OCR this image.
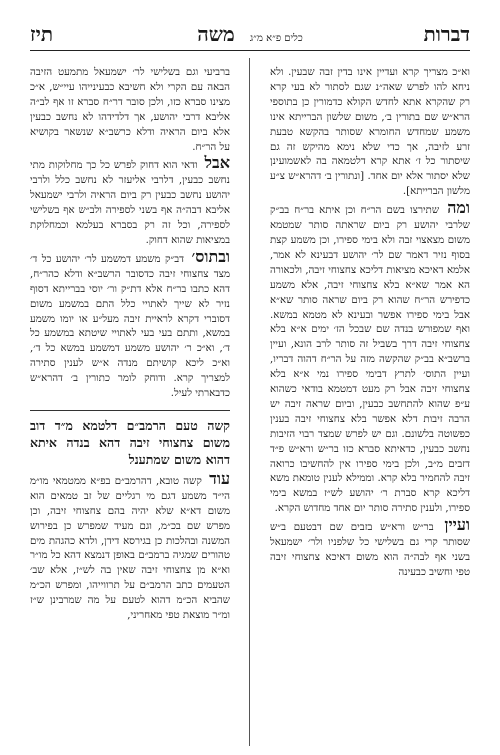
דברות
כלים פ״א מ״ג משה
תיז

וא״כ מצריך קרא ועדיין אינו בדין זבה שבעין. ולא ניחא להו לפרש שאה״נ שגם לסתור לא בעי קרא רק שהקרא אתא לחדש הקולא כדמורין כן בתוספי הרא״ש שם בתורין ב׳, משום שלשון הברייתא אינו משמע שמחדש החומרא שסותר בהקשא טבעת זרע לזיבה, אך כדי שלא נימא מהיקש זה גם שיסתור כל ז׳ אתא קרא דלטמאה בה לאשמועינן שלא יסתור אלא יום אחד. [ונתורין ב׳ דהרא״ש צ״ע מלשון הברייתא].

ומה שתירצו בשם הר״ח וכן איתא בר״ח בב״ק שלרבי יהושע רק ביום שראתה סותר שמטמא משום מצאצוי זבה ולא בימי ספירו, וכן משמע קצת בסוף נזיר דאמר שם לר׳ יהושע דבעינא לא אמר, אלמא דאיכא מציאות דליכא צחצוחי זיבה, ולכאורה הא אמר שא״א בלא צחצוחי זיבה, אלא משמע כדפירש הר״ח שהוא רק ביום שראה סותר שא״א אבל בימי ספירו אפשר ובעינא לא מטמא במשא. ואף שמפורש בנדה שם שבכל הז׳ ימים א״א בלא צחצוחי זיבה דרך בשביל זה סותר לרב הונא, ועיין ברשב״א בב״ק שהקשה מזה על הר״ח דהוה דבריו, ועיין התוס׳ לתרץ דבימי ספירו נמי א״א בלא צחצוחי זיבה אבל רק מעט דמטמא בודאי כשהוא ע״פ שהוא להתחשב כבעין, וביום שראה זיבה יש הרבה זיבות דלא אפשר בלא צחצוחי זיבה בענין כפשוטה בלשונם. וגם יש לפרש שמצד רבוי הזיבות נחשב כבעין, כדאיתא סברא כזו בר״ש ורא״ש פ״ד דזבים מ״ב, ולכן בימי ספירו אין להחשיבו כרואה זיבה להחמיר בלא קרא. וממילא לענין טומאת משא דליכא קרא סברת ר׳ יהושע לש״ז במשא בימי ספירו, ולענין סתירה סותר יום אחד מחדוש הקרא.

ועיין בר״ש ורא״ש בזבים שם דבטעם ב״ש שסותר קרי גם בשלישי כל שלפניו ולר׳ ישמעאל בשני אף לבה״ה הוא משום דאיכא צחצוחי זיבה טפי וחשיב כבעינה

ברביעי וגם בשלישי לר׳ ישמעאל מתמעט הזיבה הבאה עם הקרי ולא חשיבא כבעינייהו עיי״ש, א״כ מצינו סברא כזו, ולכן סובר דר״ח סברא זו אף לב״ה אליבא דרבי יהושע, אך דלדידהו לא נחשב כבעין אלא ביום הראיה ודלא כרשב״א שנשאר בקושיא על הר״ח.

אבל ודאי הוא דחוק לפרש כל כך מחלוקות מתי נחשב כבעין, דלרבי אליעזר לא נחשב כלל ולרבי יהושע נחשב כבעין רק ביום הראיה ולרבי ישמעאל אליבא דבה״ה אף בשני לספירה ולב״ש אף בשלישי לספירה, וכל זה רק בסברא בעלמא וכמחלוקת במציאות שהוא דחוק.

ובתוס׳ דב״ק משמע דמשמע לר׳ יהושע כל ד׳ מצד צחצוחי זיבה כדסובר הרשב״א ודלא כהר״ח, דהא כתבו בר״ח אלא דת״ק ור׳ יוסי בברייתא דסוף נזיר לא שייך לאתויי כלל התם במשמע משום דסוברי דקרא לראיית זיבה מעל״ע או יומו משמע במשא, ותתם בעי בעי לאתויי שיטתא במשמע כל ד׳, וא״כ ר׳ יהושע משמע דמשמע במשא כל ד׳, וא״כ ליכא קושיתם מנדה א״ש לענין סתירה למצריך קרא. ודוחק לומר כתורין ב׳ דהרא״ש כדבארתי לעיל.

קשה טעם הרמב״ם דלטמא מ״ד דוב משום צחצוחי זיבה דהא בנדה איתא דהוא משום שמתענל

עוד קשה טובא, דהרמב״ם בפ״א ממטמאי מו״מ הי״ד משמע דגם מי רגליים של זב טמאים הוא משום דא״א שלא יהיה בהם צחצוחי זיבה, וכן מפרש שם בכ״מ, וגם מעיד שמפרש כן בפירוש המשנה ובהלכות כן בגירסא דידן, ולדא כהגהת מים טהורים שמגיה ברמב״ם באופן דנמצא דהא כל מו״ר וא״א מן צחצוחי זיבה שאין בה לש״ז, אלא שב׳ הטעמים כתב הרמב״ם על תרווייהו, ומפרש הכ״מ שהביא הכ״מ דהוא לטעם על מה שמרבינן ש״ז ומ״ר מוצאת טפי מאחריני,
